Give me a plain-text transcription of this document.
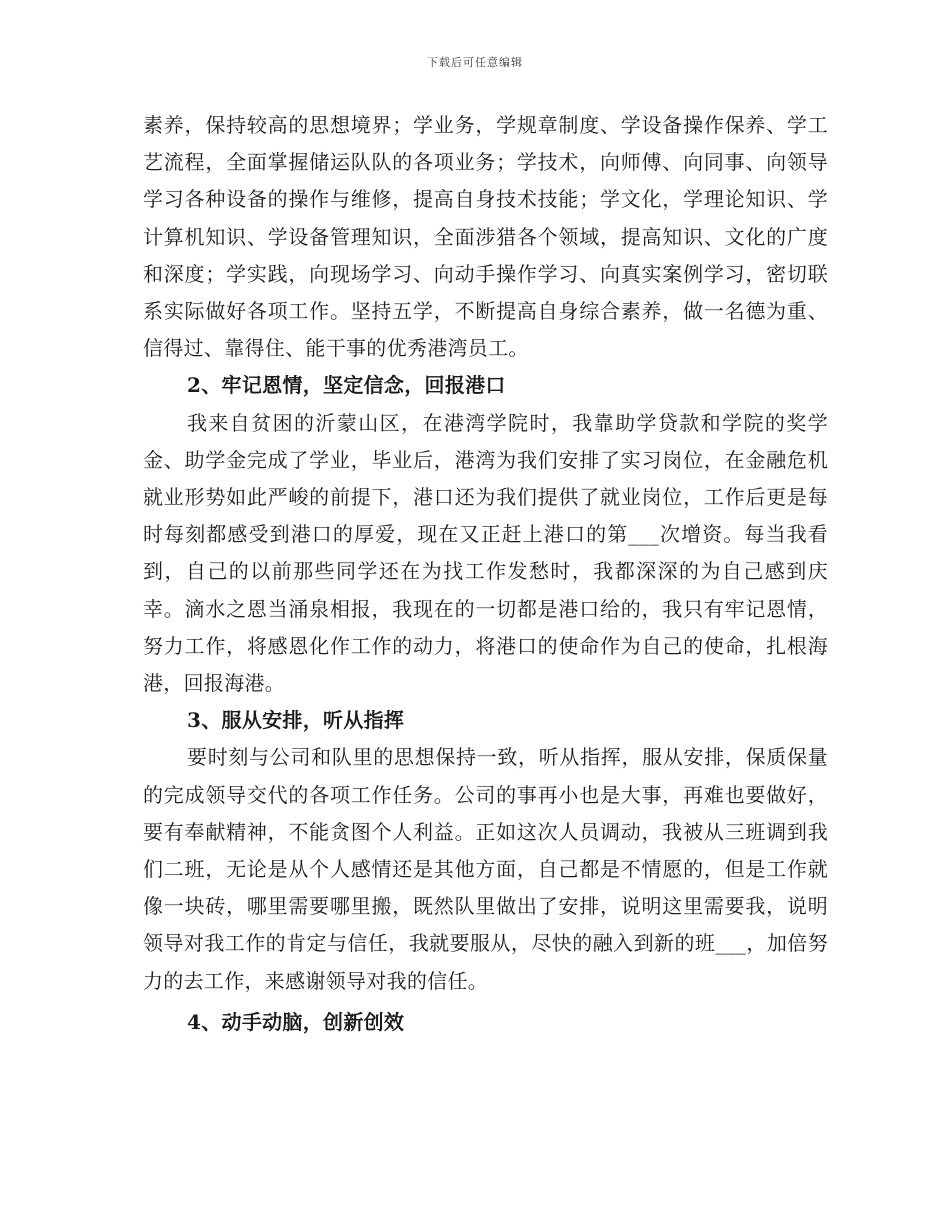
下载后可任意编辑

素养，保持较高的思想境界；学业务，学规章制度、学设备操作保养、学工艺流程，全面掌握储运队队的各项业务；学技术，向师傅、向同事、向领导学习各种设备的操作与维修，提高自身技术技能；学文化，学理论知识、学计算机知识、学设备管理知识，全面涉猎各个领域，提高知识、文化的广度和深度；学实践，向现场学习、向动手操作学习、向真实案例学习，密切联系实际做好各项工作。坚持五学，不断提高自身综合素养，做一名德为重、信得过、靠得住、能干事的优秀港湾员工。

2、牢记恩情，坚定信念，回报港口

我来自贫困的沂蒙山区，在港湾学院时，我靠助学贷款和学院的奖学金、助学金完成了学业，毕业后，港湾为我们安排了实习岗位，在金融危机就业形势如此严峻的前提下，港口还为我们提供了就业岗位，工作后更是每时每刻都感受到港口的厚爱，现在又正赶上港口的第___次增资。每当我看到，自己的以前那些同学还在为找工作发愁时，我都深深的为自己感到庆幸。滴水之恩当涌泉相报，我现在的一切都是港口给的，我只有牢记恩情，努力工作，将感恩化作工作的动力，将港口的使命作为自己的使命，扎根海港，回报海港。

3、服从安排，听从指挥

要时刻与公司和队里的思想保持一致，听从指挥，服从安排，保质保量的完成领导交代的各项工作任务。公司的事再小也是大事，再难也要做好，要有奉献精神，不能贪图个人利益。正如这次人员调动，我被从三班调到我们二班，无论是从个人感情还是其他方面，自己都是不情愿的，但是工作就像一块砖，哪里需要哪里搬，既然队里做出了安排，说明这里需要我，说明领导对我工作的肯定与信任，我就要服从，尽快的融入到新的班___，加倍努力的去工作，来感谢领导对我的信任。

4、动手动脑，创新创效
